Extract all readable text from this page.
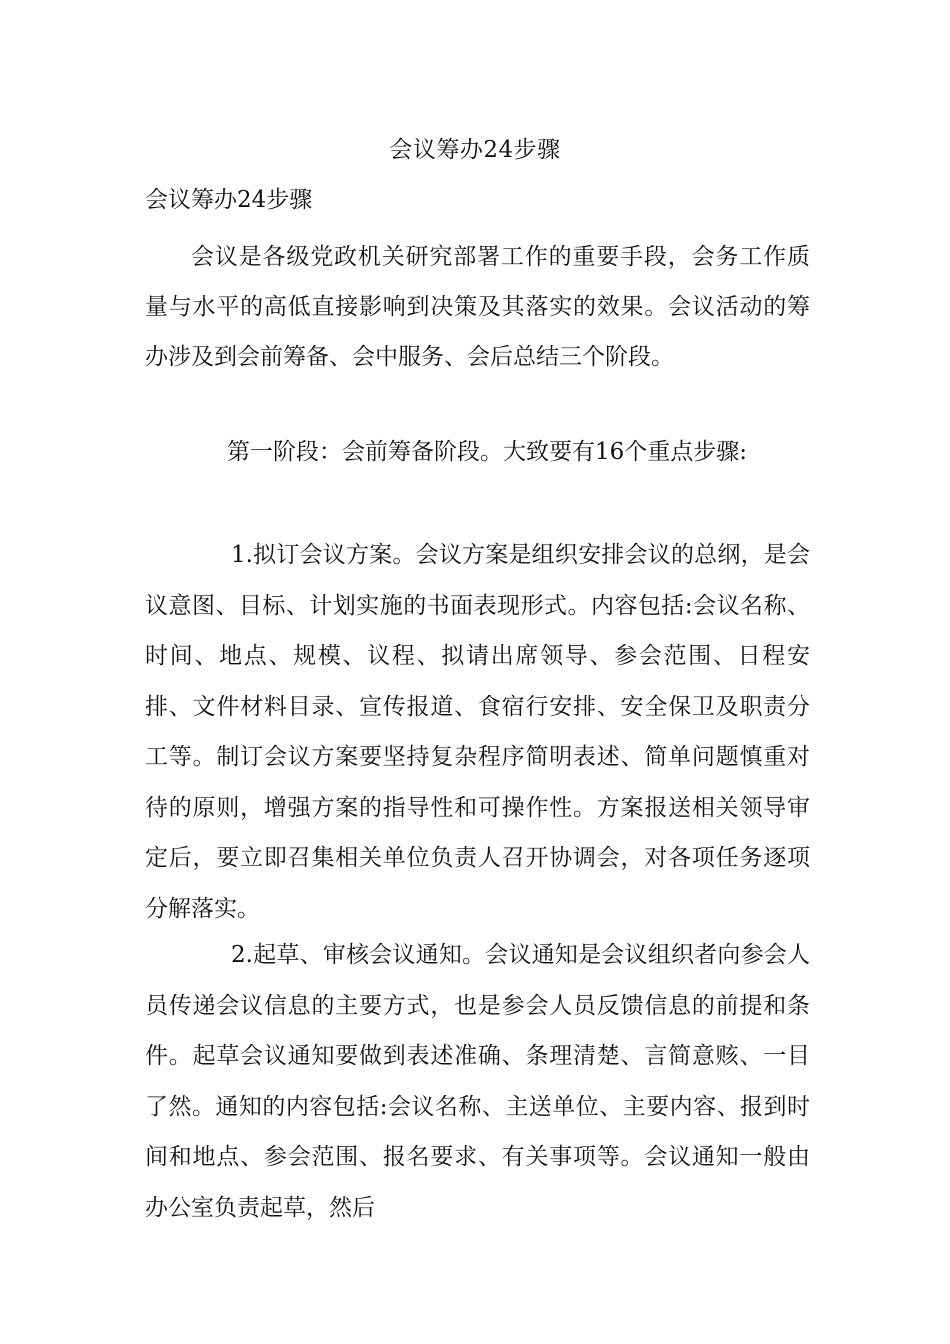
会议筹办24步骤
会议筹办24步骤

会议是各级党政机关研究部署工作的重要手段，会务工作质量与水平的高低直接影响到决策及其落实的效果。会议活动的筹办涉及到会前筹备、会中服务、会后总结三个阶段。

第一阶段：会前筹备阶段。大致要有16个重点步骤:

1.拟订会议方案。会议方案是组织安排会议的总纲，是会议意图、目标、计划实施的书面表现形式。内容包括:会议名称、时间、地点、规模、议程、拟请出席领导、参会范围、日程安排、文件材料目录、宣传报道、食宿行安排、安全保卫及职责分工等。制订会议方案要坚持复杂程序简明表述、简单问题慎重对待的原则，增强方案的指导性和可操作性。方案报送相关领导审定后，要立即召集相关单位负责人召开协调会，对各项任务逐项分解落实。

2.起草、审核会议通知。会议通知是会议组织者向参会人员传递会议信息的主要方式，也是参会人员反馈信息的前提和条件。起草会议通知要做到表述准确、条理清楚、言简意赅、一目了然。通知的内容包括:会议名称、主送单位、主要内容、报到时间和地点、参会范围、报名要求、有关事项等。会议通知一般由办公室负责起草，然后
